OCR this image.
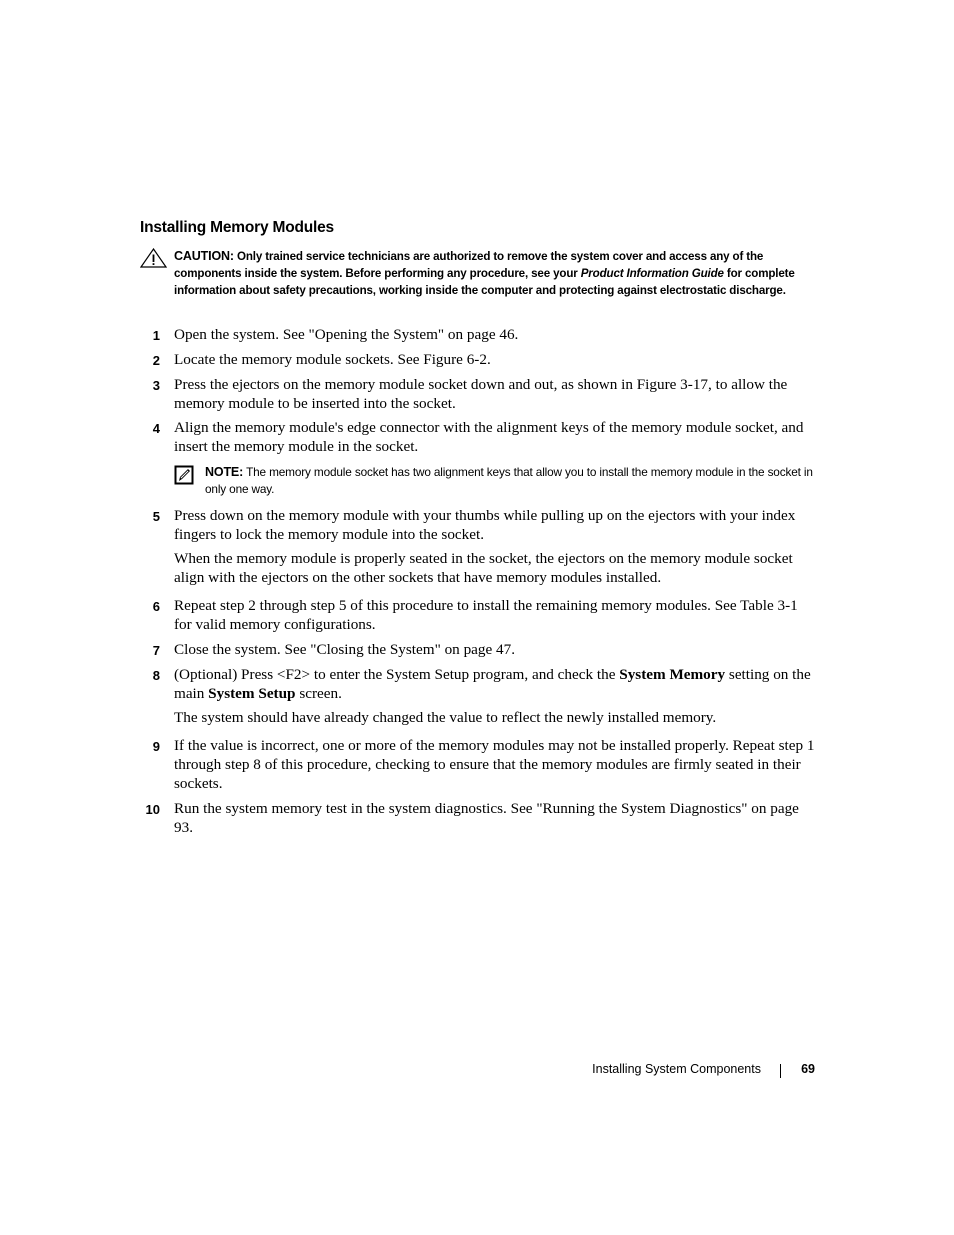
Installing Memory Modules
CAUTION: Only trained service technicians are authorized to remove the system cover and access any of the components inside the system. Before performing any procedure, see your Product Information Guide for complete information about safety precautions, working inside the computer and protecting against electrostatic discharge.
1 Open the system. See "Opening the System" on page 46.
2 Locate the memory module sockets. See Figure 6-2.
3 Press the ejectors on the memory module socket down and out, as shown in Figure 3-17, to allow the memory module to be inserted into the socket.
4 Align the memory module's edge connector with the alignment keys of the memory module socket, and insert the memory module in the socket.
NOTE: The memory module socket has two alignment keys that allow you to install the memory module in the socket in only one way.
5 Press down on the memory module with your thumbs while pulling up on the ejectors with your index fingers to lock the memory module into the socket.
When the memory module is properly seated in the socket, the ejectors on the memory module socket align with the ejectors on the other sockets that have memory modules installed.
6 Repeat step 2 through step 5 of this procedure to install the remaining memory modules. See Table 3-1 for valid memory configurations.
7 Close the system. See "Closing the System" on page 47.
8 (Optional) Press <F2> to enter the System Setup program, and check the System Memory setting on the main System Setup screen.
The system should have already changed the value to reflect the newly installed memory.
9 If the value is incorrect, one or more of the memory modules may not be installed properly. Repeat step 1 through step 8 of this procedure, checking to ensure that the memory modules are firmly seated in their sockets.
10 Run the system memory test in the system diagnostics. See "Running the System Diagnostics" on page 93.
Installing System Components	69
